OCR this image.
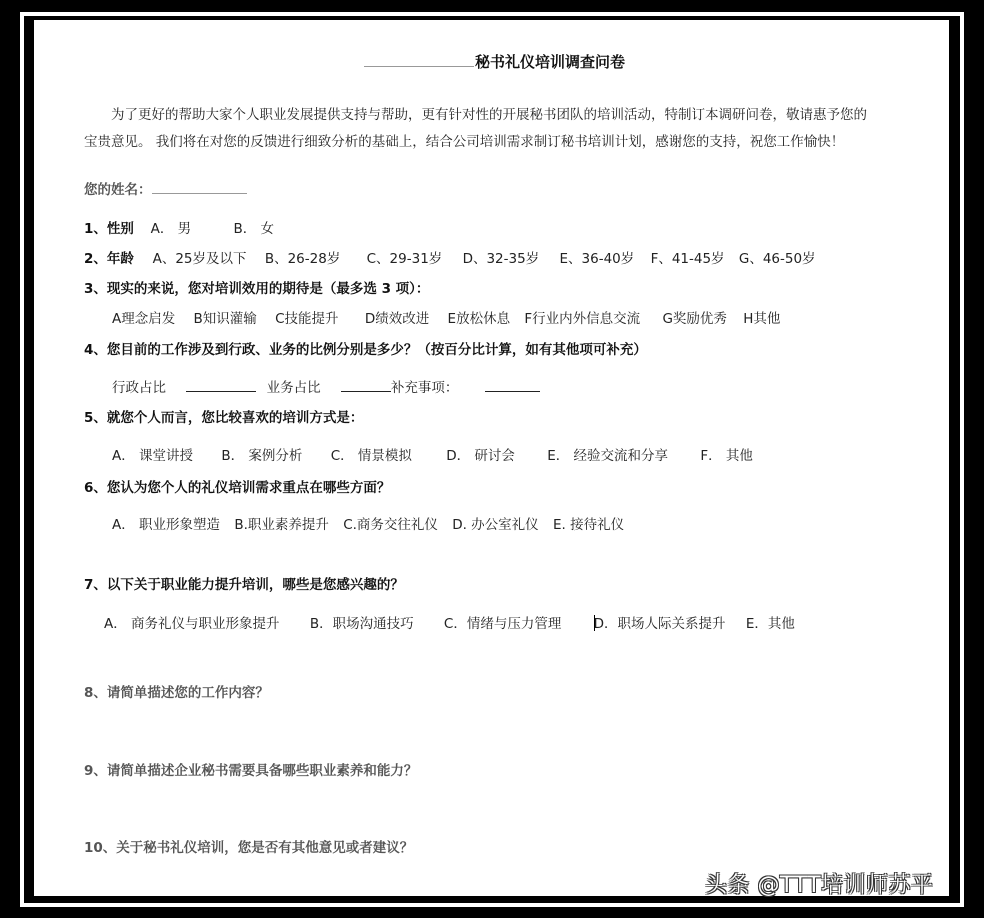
秘书礼仪培训调查问卷
为了更好的帮助大家个人职业发展提供支持与帮助，更有针对性的开展秘书团队的培训活动，特制订本调研问卷，敬请惠予您的
宝贵意见。 我们将在对您的反馈进行细致分析的基础上，结合公司培训需求制订秘书培训计划，感谢您的支持，祝您工作愉快！
您的姓名：
1、性别 A． 男	B． 女
2、年龄 A、25岁及以下 B、26-28岁 C、29-31岁 D、32-35岁 E、36-40岁 F、41-45岁 G、46-50岁
3、现实的来说，您对培训效用的期待是（最多选 3 项）：
A理念启发 B知识灌输 C技能提升 D绩效改进 E放松休息 F行业内外信息交流 G奖励优秀 H其他
4、您目前的工作涉及到行政、业务的比例分别是多少？（按百分比计算，如有其他项可补充）
行政占比	业务占比	补充事项：
5、就您个人而言，您比较喜欢的培训方式是：
A． 课堂讲授 B． 案例分析 C． 情景模拟	D． 研讨会 E． 经验交流和分享 F． 其他
6、您认为您个人的礼仪培训需求重点在哪些方面？
A． 职业形象塑造 B.职业素养提升 C.商务交往礼仪 D. 办公室礼仪 E. 接待礼仪
7、以下关于职业能力提升培训，哪些是您感兴趣的？
A． 商务礼仪与职业形象提升 B．职场沟通技巧 C．情绪与压力管理 D．职场人际关系提升 E．其他
8、请简单描述您的工作内容？
9、请简单描述企业秘书需要具备哪些职业素养和能力？
10、关于秘书礼仪培训，您是否有其他意见或者建议？
头条 @TTT培训师苏平
